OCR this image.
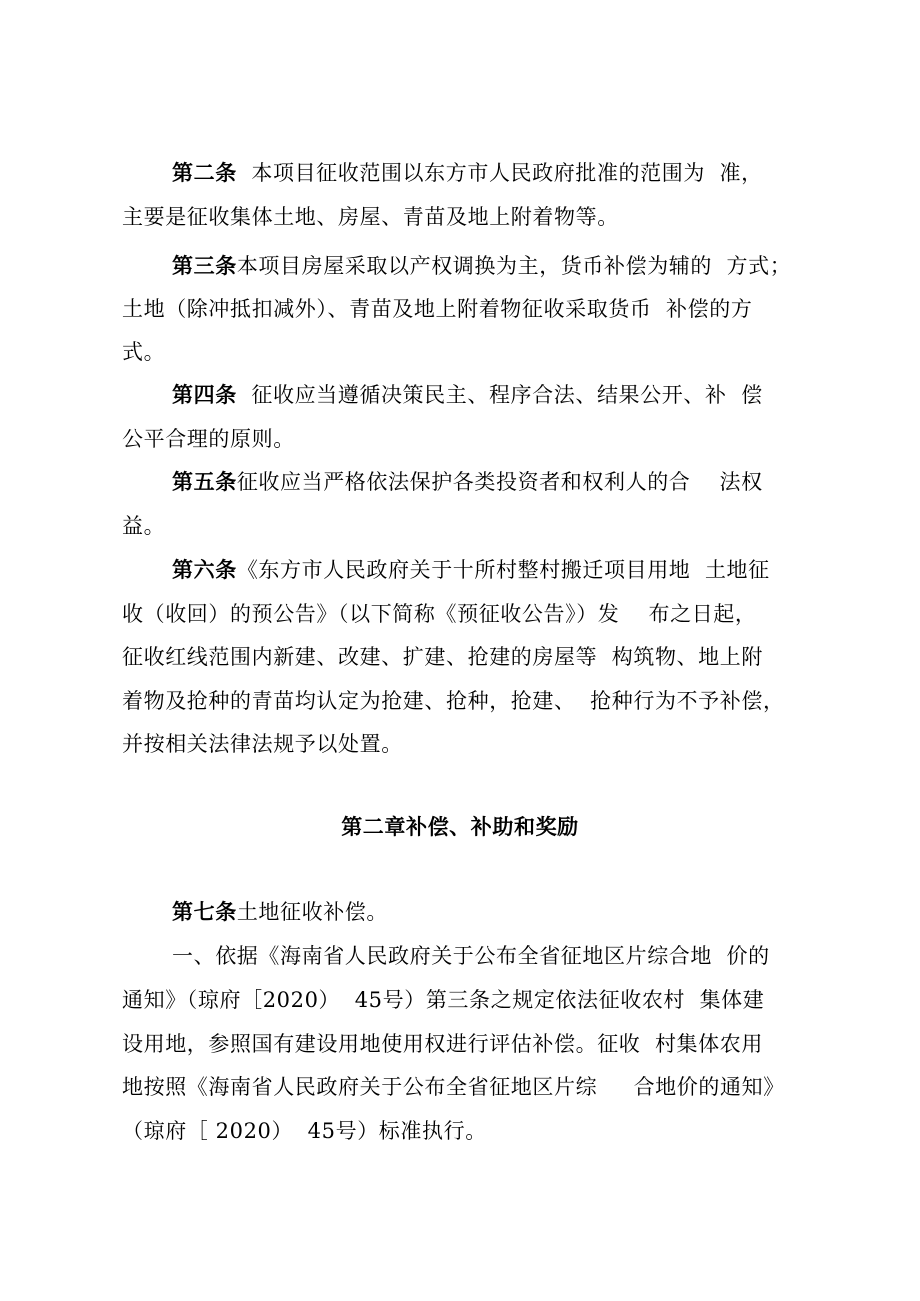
第二条  本项目征收范围以东方市人民政府批准的范围为  准，
主要是征收集体土地、房屋、青苗及地上附着物等。
第三条本项目房屋采取以产权调换为主，货币补偿为辅的  方式；
土地（除冲抵扣减外）、青苗及地上附着物征收采取货币  补偿的方
式。
第四条  征收应当遵循决策民主、程序合法、结果公开、补  偿
公平合理的原则。
第五条征收应当严格依法保护各类投资者和权利人的合    法权
益。
第六条《东方市人民政府关于十所村整村搬迁项目用地  土地征
收（收回）的预公告》（以下简称《预征收公告》）发    布之日起，
征收红线范围内新建、改建、扩建、抢建的房屋等  构筑物、地上附
着物及抢种的青苗均认定为抢建、抢种，抢建、  抢种行为不予补偿，
并按相关法律法规予以处置。
第二章补偿、补助和奖励
第七条土地征收补偿。
一、依据《海南省人民政府关于公布全省征地区片综合地  价的
通知》（琼府［2020）  45号）第三条之规定依法征收农村  集体建
设用地，参照国有建设用地使用权进行评估补偿。征收  村集体农用
地按照《海南省人民政府关于公布全省征地区片综     合地价的通知》
（琼府［ 2020）  45号）标准执行。
